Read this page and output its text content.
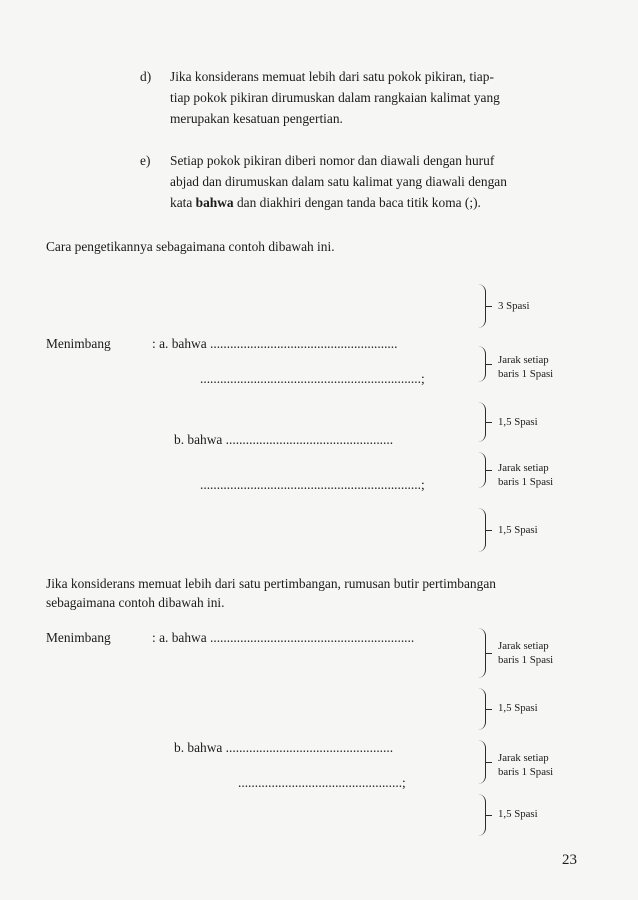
d) Jika konsiderans memuat lebih dari satu pokok pikiran, tiap-
tiap pokok pikiran dirumuskan dalam rangkaian kalimat yang
merupakan kesatuan pengertian.
e) Setiap pokok pikiran diberi nomor dan diawali dengan huruf
abjad dan dirumuskan dalam satu kalimat yang diawali dengan
kata bahwa dan diakhiri dengan tanda baca titik koma (;).
Cara pengetikannya sebagaimana contoh dibawah ini.
Menimbang	: a. bahwa ........................................................
..................................................................;
b. bahwa ..................................................
..................................................................;
3 Spasi
Jarak setiap
baris 1 Spasi
1,5 Spasi
Jarak setiap
baris 1 Spasi
1,5 Spasi
Jika konsiderans memuat lebih dari satu pertimbangan, rumusan butir pertimbangan
sebagaimana contoh dibawah ini.
Menimbang	: a. bahwa .............................................................
b. bahwa ..................................................
.................................................;
Jarak setiap
baris 1 Spasi
1,5 Spasi
Jarak setiap
baris 1 Spasi
1,5 Spasi
23
